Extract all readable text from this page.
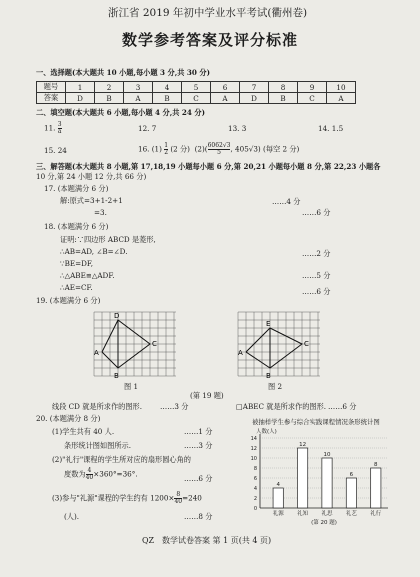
浙江省 2019 年初中学业水平考试(衢州卷)
数学参考答案及评分标准
一、选择题(本大题共 10 小题,每小题 3 分,共 30 分)
题号	1	2	3	4	5	6	7	8	9	10
答案	D	B	A	B	C	A	D	B	C	A
二、填空题(本大题共 6 小题,每小题 4 分,共 24 分)
11. $\frac{3}{a}$	12. 7	13. 3	14. 1.5
15. 24	16. $(1) \frac{1}{2} (2$ 分) $(2)( \frac{6062√3}{5}$ , 405√3) (每空 2 分)
三、解答题(本大题共 8 小题,第 17,18,19 小题每小题 6 分,第 20,21 小题每小题 8 分,第 22,23 小题各
10 分,第 24 小题 12 分,共 66 分)
17. (本题满分 6 分)
解:原式=3+1-2+1	……4 分
=3.	……6 分
18. (本题满分 6 分)
证明:∵四边形 ABCD 是菱形,
∴AB=AD, ∠B=∠D.
∵BE=DF,
……2 分
∴△ABE≌△ADF.	……5 分
∴AE=CF.	……6 分
19. (本题满分 6 分)
A
B
C
D
图 1
A
B
C
E
图 2
(第 19 题)
线段 CD 就是所求作的图形.	……3 分	□ABEC 就是所求作的图形. ……6 分
20. (本题满分 8 分)
(1)学生共有 40 人.	……1 分
条形统计图如图所示.	……3 分
(2)"礼行"课程的学生所对应的扇形圆心角的
度数为 $\frac{4}{40} \times 360^\circ=36^\circ$.	……6 分
(3)参与"礼源"课程的学生约有 $1200\times \frac{8}{40} =240$
(人).	……8 分
被抽样学生参与综合实践课程情况条形统计图
人数(人)
0
2
4
6
8
10
12
14
4
礼源
12
礼知
10
礼思
6
礼艺
8
礼行
(第 20 题)
QZ 数学试卷答案 第 1 页(共 4 页)
